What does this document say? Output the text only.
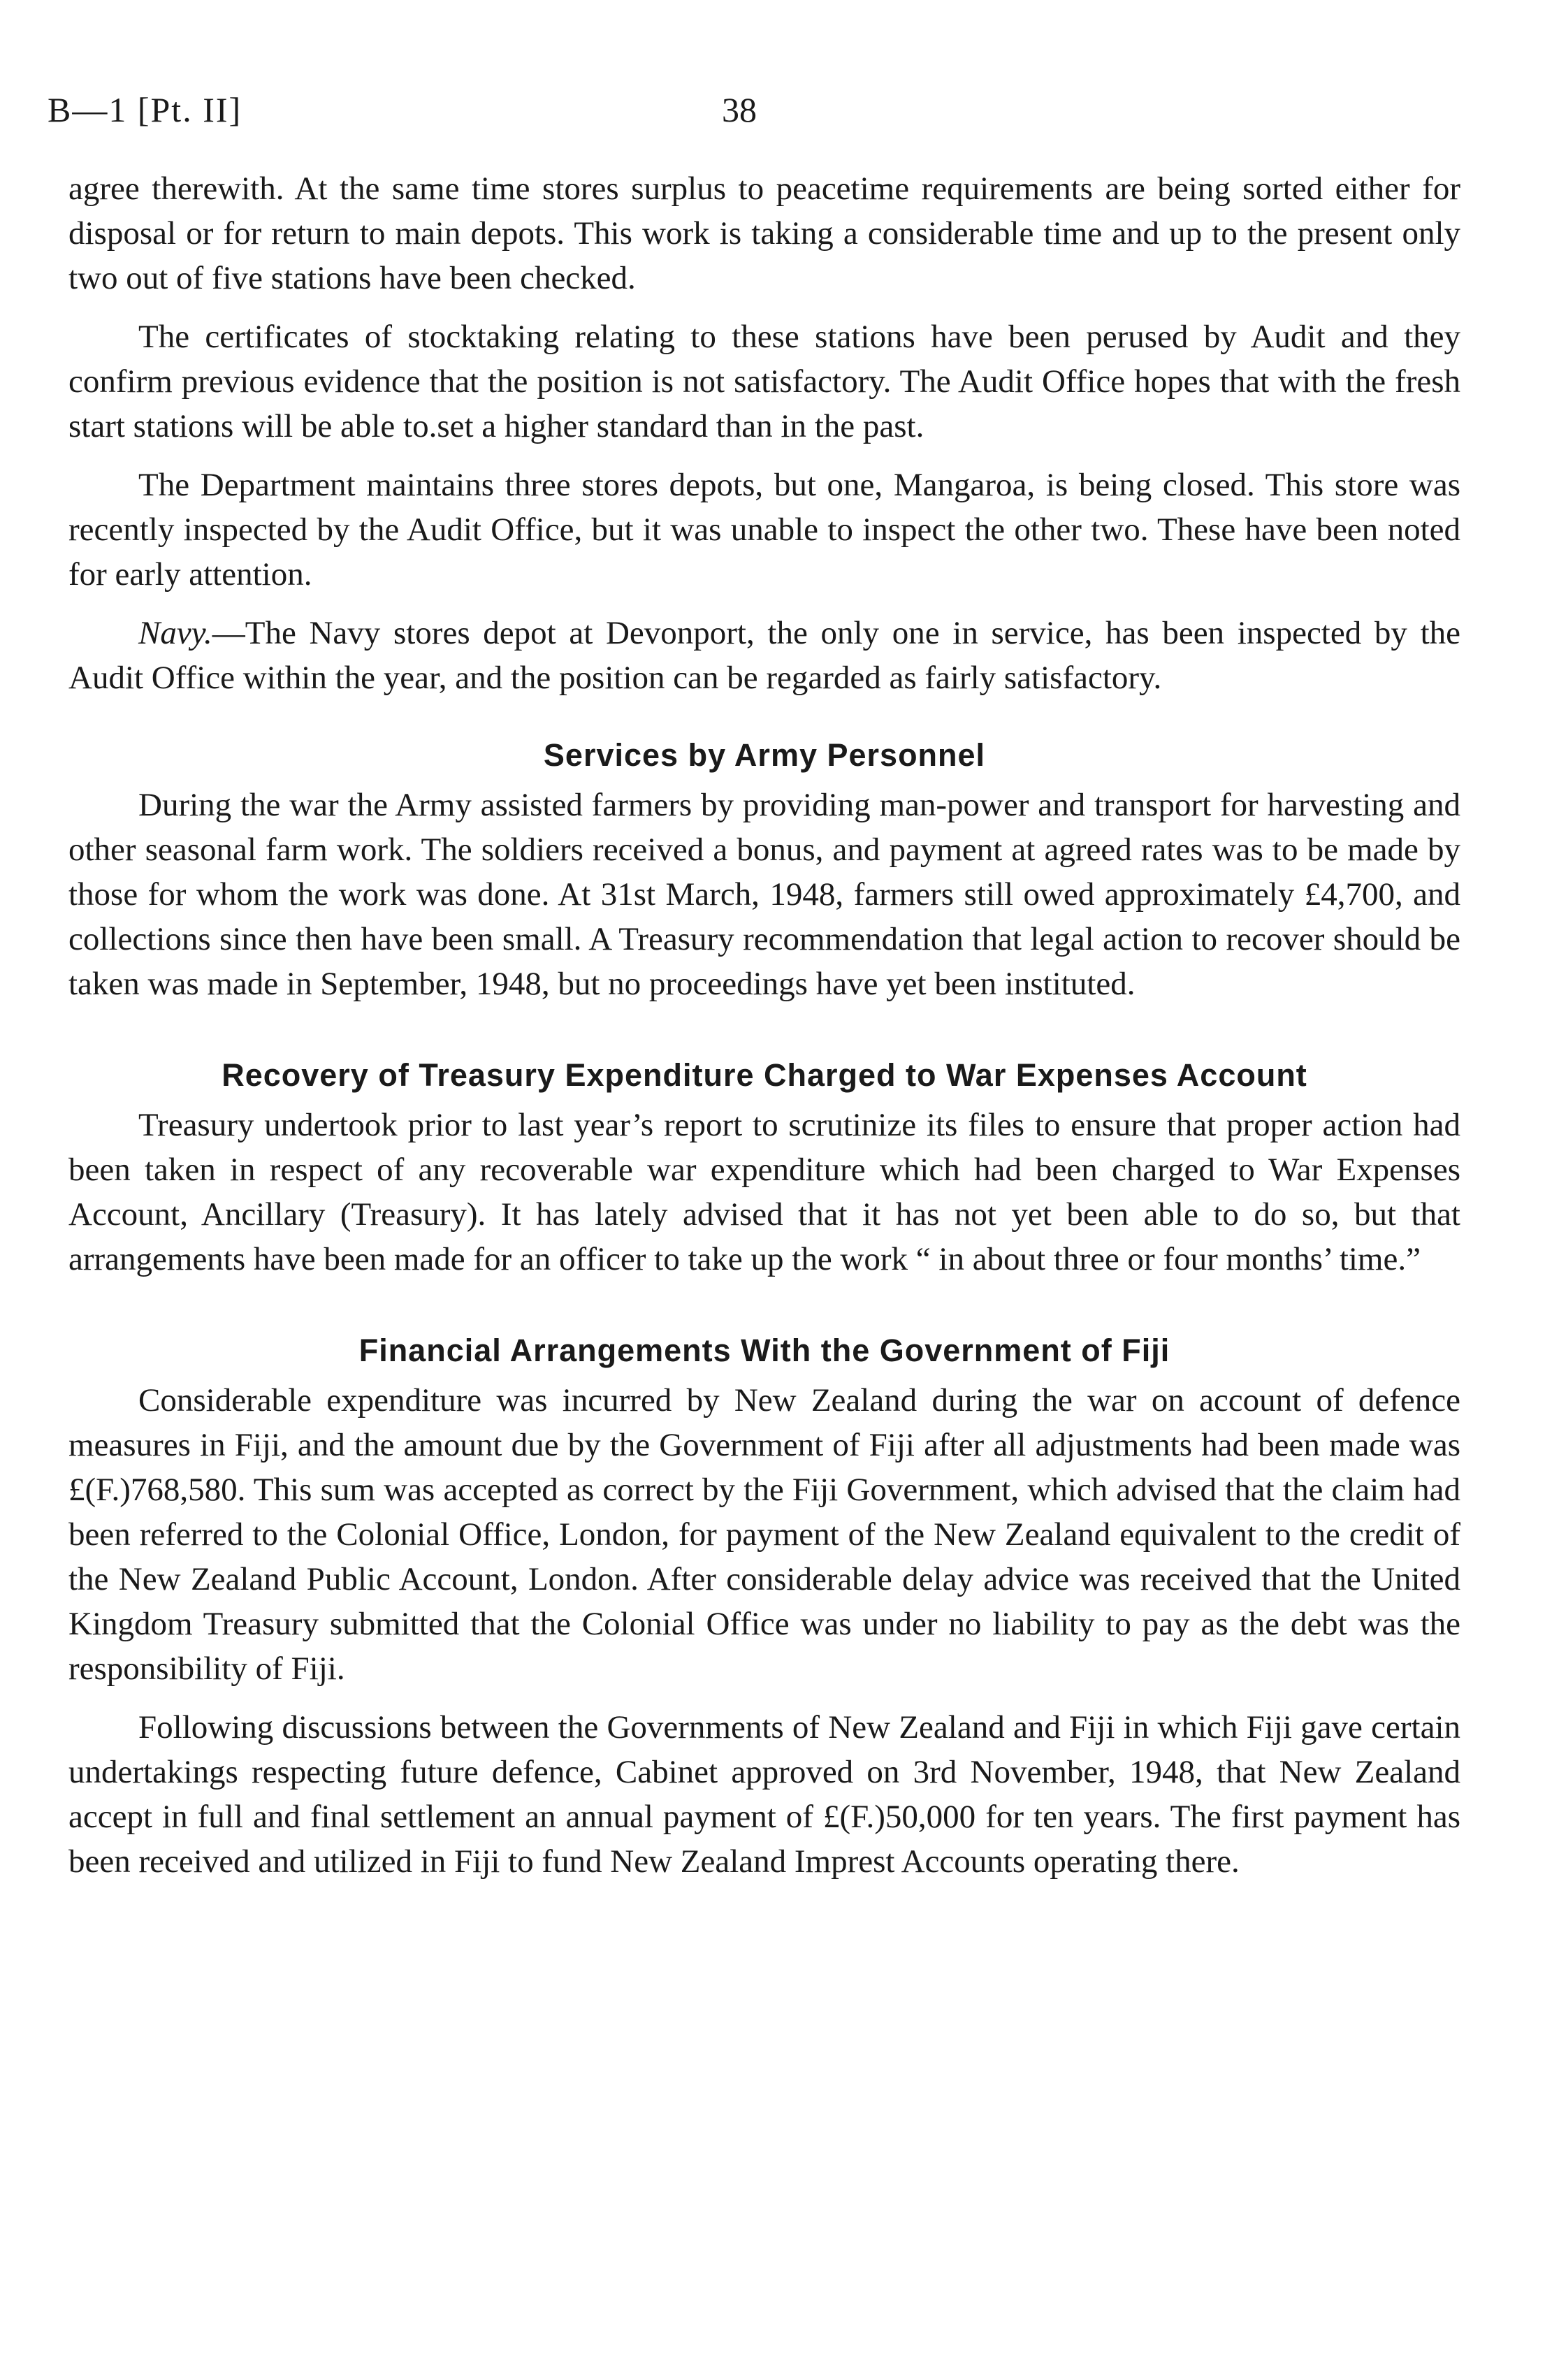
B—1 [Pt. II]	38

agree therewith. At the same time stores surplus to peacetime requirements are being sorted either for disposal or for return to main depots. This work is taking a considerable time and up to the present only two out of five stations have been checked.

The certificates of stocktaking relating to these stations have been perused by Audit and they confirm previous evidence that the position is not satisfactory. The Audit Office hopes that with the fresh start stations will be able to.set a higher standard than in the past.

The Department maintains three stores depots, but one, Mangaroa, is being closed. This store was recently inspected by the Audit Office, but it was unable to inspect the other two. These have been noted for early attention.

Navy.—The Navy stores depot at Devonport, the only one in service, has been inspected by the Audit Office within the year, and the position can be regarded as fairly satisfactory.

Services by Army Personnel

During the war the Army assisted farmers by providing man-power and transport for harvesting and other seasonal farm work. The soldiers received a bonus, and payment at agreed rates was to be made by those for whom the work was done. At 31st March, 1948, farmers still owed approximately £4,700, and collections since then have been small. A Treasury recommendation that legal action to recover should be taken was made in September, 1948, but no proceedings have yet been instituted.

Recovery of Treasury Expenditure Charged to War Expenses Account

Treasury undertook prior to last year’s report to scrutinize its files to ensure that proper action had been taken in respect of any recoverable war expenditure which had been charged to War Expenses Account, Ancillary (Treasury). It has lately advised that it has not yet been able to do so, but that arrangements have been made for an officer to take up the work “ in about three or four months’ time.”

Financial Arrangements With the Government of Fiji

Considerable expenditure was incurred by New Zealand during the war on account of defence measures in Fiji, and the amount due by the Government of Fiji after all adjustments had been made was £(F.)768,580. This sum was accepted as correct by the Fiji Government, which advised that the claim had been referred to the Colonial Office, London, for payment of the New Zealand equivalent to the credit of the New Zealand Public Account, London. After considerable delay advice was received that the United Kingdom Treasury submitted that the Colonial Office was under no liability to pay as the debt was the responsibility of Fiji.

Following discussions between the Governments of New Zealand and Fiji in which Fiji gave certain undertakings respecting future defence, Cabinet approved on 3rd November, 1948, that New Zealand accept in full and final settlement an annual payment of £(F.)50,000 for ten years. The first payment has been received and utilized in Fiji to fund New Zealand Imprest Accounts operating there.
